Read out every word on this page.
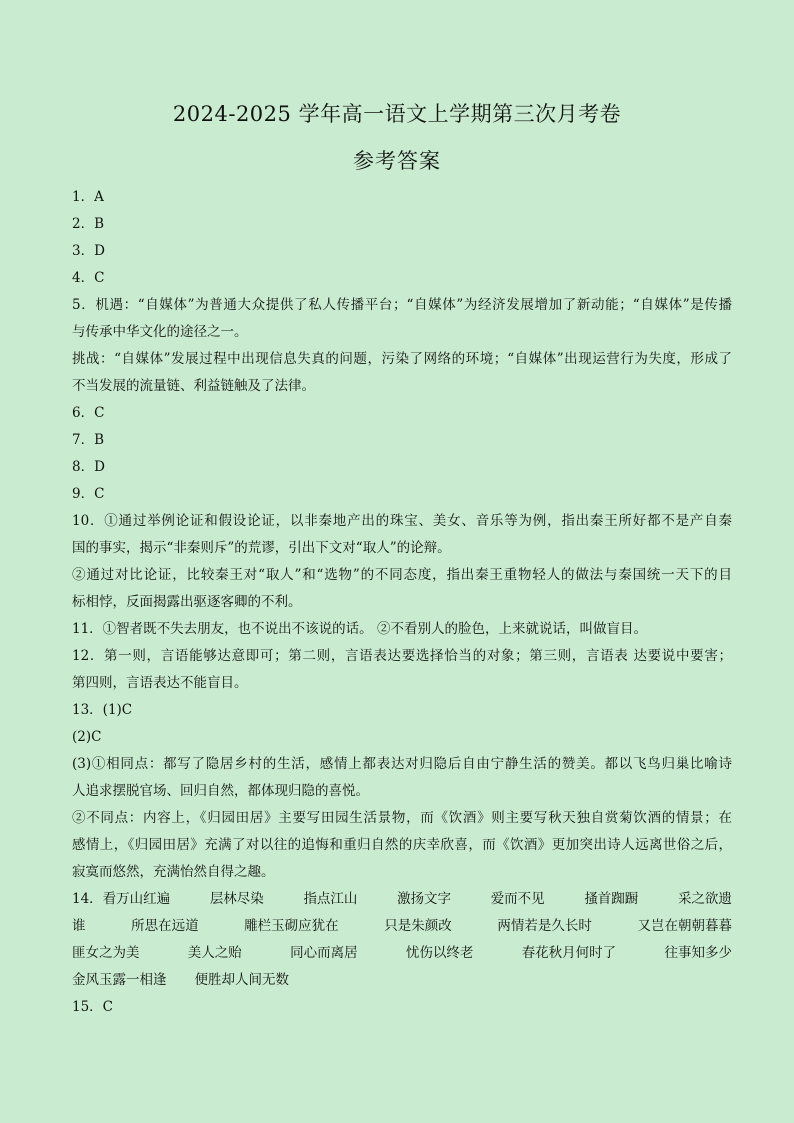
2024-2025 学年高一语文上学期第三次月考卷
参考答案
1．A
2．B
3．D
4．C
5．机遇：“自媒体”为普通大众提供了私人传播平台；“自媒体”为经济发展增加了新动能；“自媒体”是传播
与传承中华文化的途径之一。
挑战：“自媒体”发展过程中出现信息失真的问题，污染了网络的环境；“自媒体”出现运营行为失度，形成了
不当发展的流量链、利益链触及了法律。
6．C
7．B
8．D
9．C
10．①通过举例论证和假设论证，以非秦地产出的珠宝、美女、音乐等为例，指出秦王所好都不是产自秦
国的事实，揭示“非秦则斥”的荒谬，引出下文对“取人”的论辩。
②通过对比论证，比较秦王对“取人”和“选物”的不同态度，指出秦王重物轻人的做法与秦国统一天下的目
标相悖，反面揭露出驱逐客卿的不利。
11．①智者既不失去朋友，也不说出不该说的话。 ②不看别人的脸色，上来就说话，叫做盲目。
12．第一则，言语能够达意即可；第二则，言语表达要选择恰当的对象；第三则，言语表 达要说中要害；
第四则，言语表达不能盲目。
13．(1)C
(2)C
(3)①相同点：都写了隐居乡村的生活，感情上都表达对归隐后自由宁静生活的赞美。都以飞鸟归巢比喻诗
人追求摆脱官场、回归自然，都体现归隐的喜悦。
②不同点：内容上，《归园田居》主要写田园生活景物，而《饮酒》则主要写秋天独自赏菊饮酒的情景；在
感情上，《归园田居》充满了对以往的追悔和重归自然的庆幸欣喜，而《饮酒》更加突出诗人远离世俗之后，
寂寞而悠然，充满怡然自得之趣。
14．看万山红遍	层林尽染	指点江山	激扬文字	爱而不见	搔首踟蹰	采之欲遗
谁	所思在远道	雕栏玉砌应犹在	只是朱颜改	两情若是久长时	又岂在朝朝暮暮
匪女之为美	美人之贻	同心而离居	忧伤以终老	春花秋月何时了	往事知多少
金风玉露一相逢 便胜却人间无数
15．C
